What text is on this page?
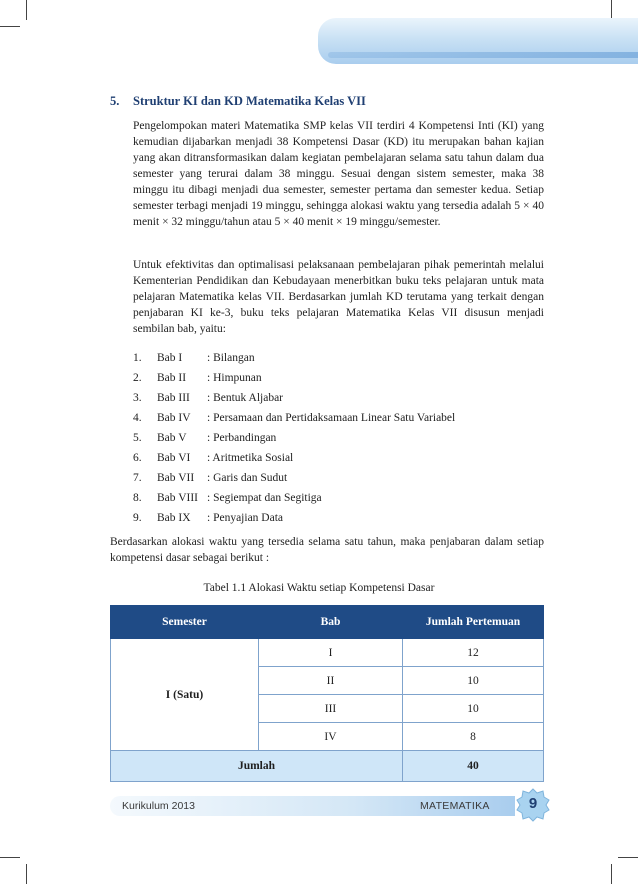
5. Struktur KI dan KD Matematika Kelas VII
Pengelompokan materi Matematika SMP kelas VII terdiri 4 Kompetensi Inti (KI) yang kemudian dijabarkan menjadi 38 Kompetensi Dasar (KD) itu merupakan bahan kajian yang akan ditransformasikan dalam kegiatan pembelajaran selama satu tahun dalam dua semester yang terurai dalam 38 minggu. Sesuai dengan sistem semester, maka 38 minggu itu dibagi menjadi dua semester, semester pertama dan semester kedua. Setiap semester terbagi menjadi 19 minggu, sehingga alokasi waktu yang tersedia adalah 5 × 40 menit × 32 minggu/tahun atau 5 × 40 menit × 19 minggu/semester.
Untuk efektivitas dan optimalisasi pelaksanaan pembelajaran pihak pemerintah melalui Kementerian Pendidikan dan Kebudayaan menerbitkan buku teks pelajaran untuk mata pelajaran Matematika kelas VII. Berdasarkan jumlah KD terutama yang terkait dengan penjabaran KI ke-3, buku teks pelajaran Matematika Kelas VII disusun menjadi sembilan bab, yaitu:
1. Bab I : Bilangan
2. Bab II : Himpunan
3. Bab III : Bentuk Aljabar
4. Bab IV : Persamaan dan Pertidaksamaan Linear Satu Variabel
5. Bab V : Perbandingan
6. Bab VI : Aritmetika Sosial
7. Bab VII : Garis dan Sudut
8. Bab VIII : Segiempat dan Segitiga
9. Bab IX : Penyajian Data
Berdasarkan alokasi waktu yang tersedia selama satu tahun, maka penjabaran dalam setiap kompetensi dasar sebagai berikut :
Tabel 1.1 Alokasi Waktu setiap Kompetensi Dasar
Semester	Bab	Jumlah Pertemuan
I (Satu)	I	12
	II	10
	III	10
	IV	8
Jumlah		40
Kurikulum 2013	MATEMATIKA	9
